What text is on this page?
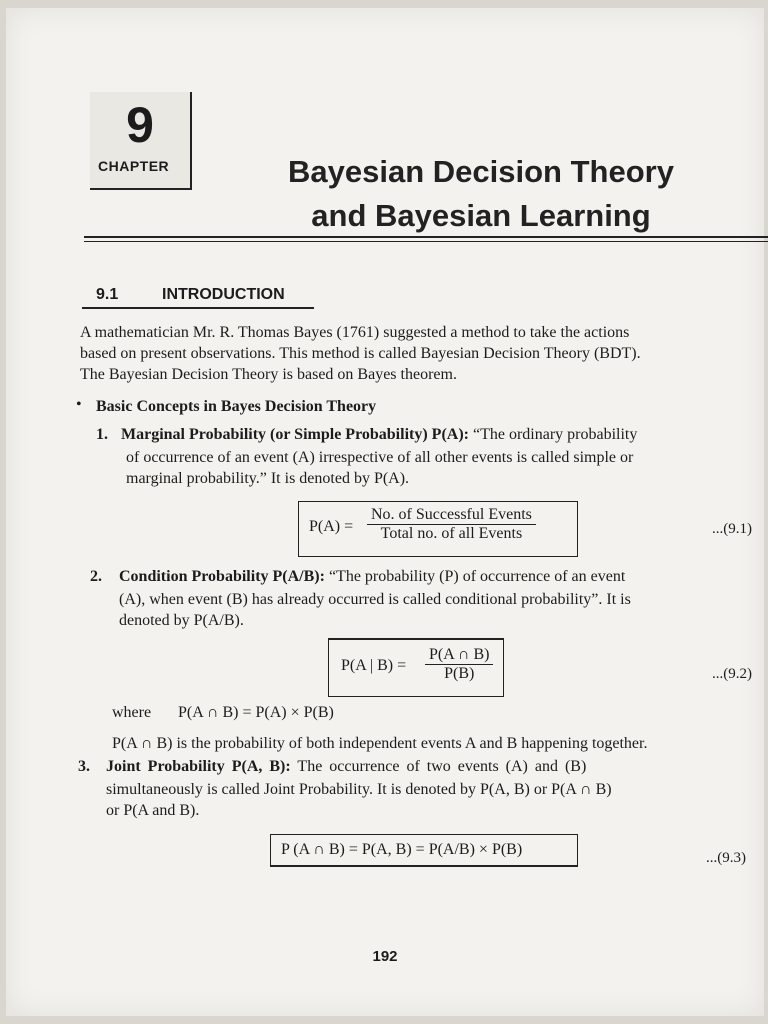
9
CHAPTER	Bayesian Decision Theory
and Bayesian Learning
9.1	INTRODUCTION
A mathematician Mr. R. Thomas Bayes (1761) suggested a method to take the actions
based on present observations. This method is called Bayesian Decision Theory (BDT).
The Bayesian Decision Theory is based on Bayes theorem.
• Basic Concepts in Bayes Decision Theory
1. Marginal Probability (or Simple Probability) P(A): “The ordinary probability
of occurrence of an event (A) irrespective of all other events is called simple or
marginal probability.” It is denoted by P(A).
P(A) =
No. of Successful Events
Total no. of all Events	...(9.1)
2. Condition Probability P(A/B): “The probability (P) of occurrence of an event
(A), when event (B) has already occurred is called conditional probability”. It is
denoted by P(A/B).
P(A | $B) = \frac{P(A \cap B)}{P(B)}$	...(9.2)
where P(A ∩ B) = P(A) × P(B)
P(A ∩ B) is the probability of both independent events A and B happening together.
3. Joint Probability P(A, B): The occurrence of two events (A) and (B)
simultaneously is called Joint Probability. It is denoted by P(A, B) or P(A ∩ B)
or P(A and B).
P (A ∩ B) = P(A, B) = P(A/B) × P(B)	...(9.3)
192
